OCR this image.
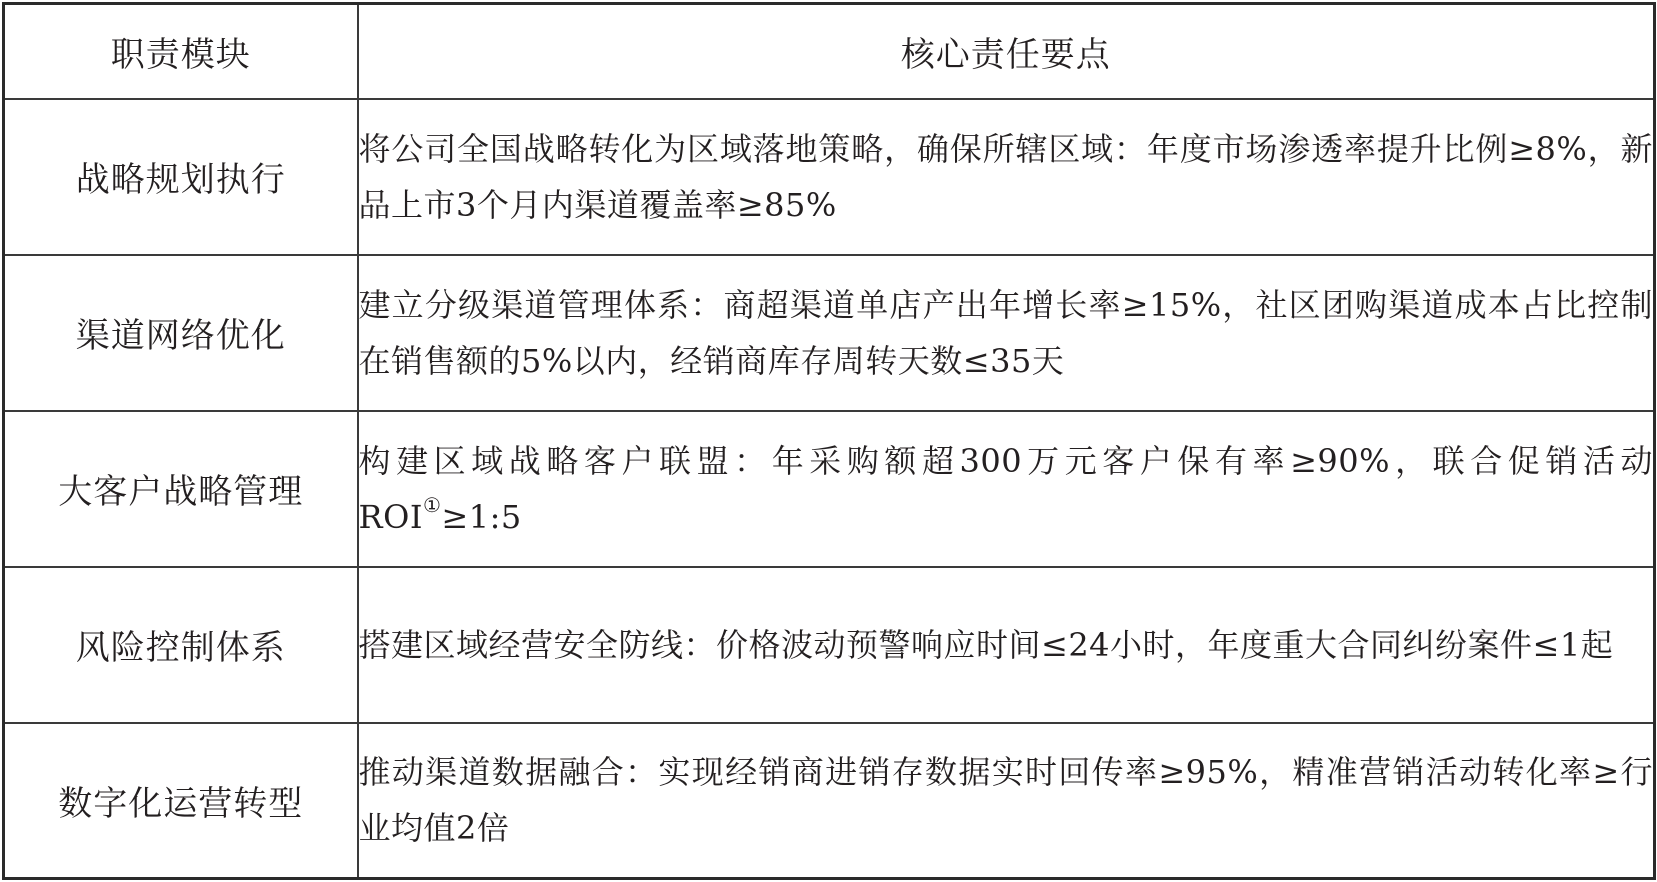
职责模块	核心责任要点
战略规划执行	将公司全国战略转化为区域落地策略，确保所辖区域：年度市场渗透率提升比例≥8%，新品上市3个月内渠道覆盖率≥85%
渠道网络优化	建立分级渠道管理体系：商超渠道单店产出年增长率≥15%，社区团购渠道成本占比控制在销售额的5%以内，经销商库存周转天数≤35天
大客户战略管理	构建区域战略客户联盟：年采购额超300万元客户保有率≥90%，联合促销活动ROI①≥1:5
风险控制体系	搭建区域经营安全防线：价格波动预警响应时间≤24小时，年度重大合同纠纷案件≤1起
数字化运营转型	推动渠道数据融合：实现经销商进销存数据实时回传率≥95%，精准营销活动转化率≥行业均值2倍
